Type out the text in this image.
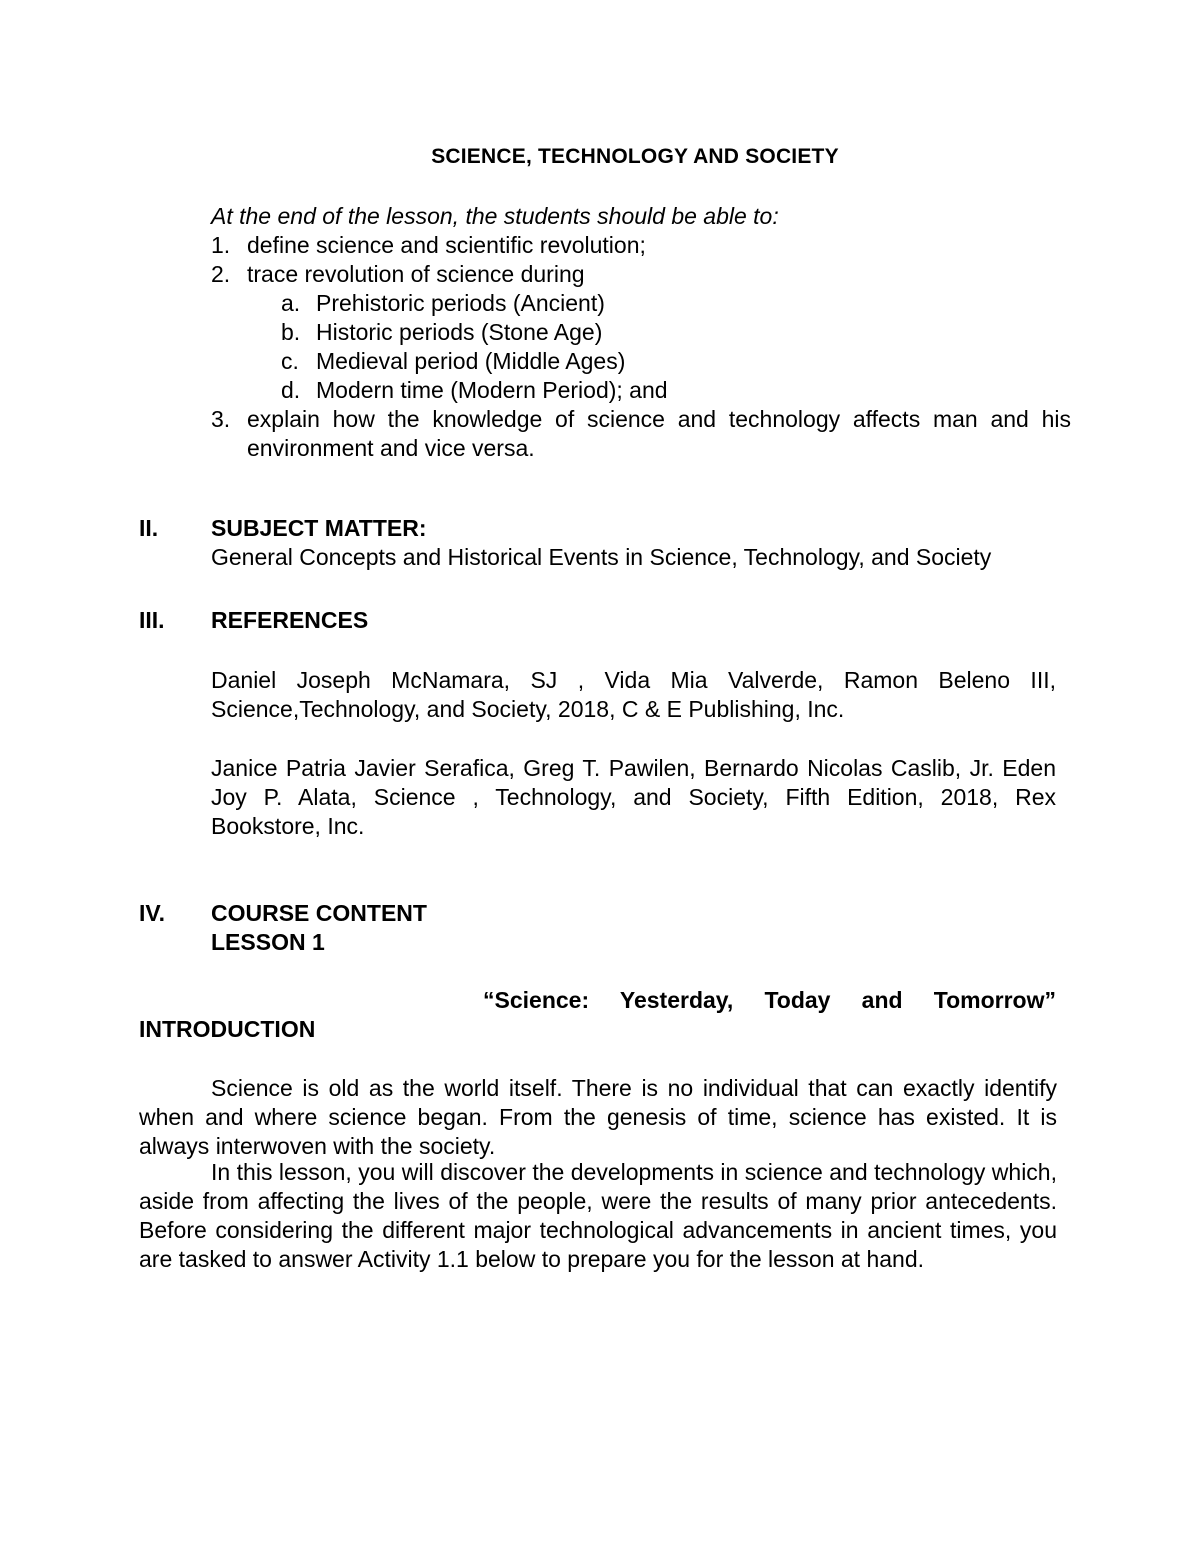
SCIENCE, TECHNOLOGY AND SOCIETY
At the end of the lesson, the students should be able to:
1. define science and scientific revolution;
2. trace revolution of science during
a. Prehistoric periods (Ancient)
b. Historic periods (Stone Age)
c. Medieval period (Middle Ages)
d. Modern time (Modern Period); and
3. explain how the knowledge of science and technology affects man and his environment and vice versa.
II. SUBJECT MATTER:
General Concepts and Historical Events in Science, Technology, and Society
III. REFERENCES
Daniel Joseph McNamara, SJ , Vida Mia Valverde, Ramon Beleno III, Science,Technology, and Society, 2018, C & E Publishing, Inc.
Janice Patria Javier Serafica, Greg T. Pawilen, Bernardo Nicolas Caslib, Jr. Eden Joy P. Alata, Science , Technology, and Society, Fifth Edition, 2018, Rex Bookstore, Inc.
IV. COURSE CONTENT
LESSON 1
“Science: Yesterday, Today and Tomorrow”
INTRODUCTION
Science is old as the world itself. There is no individual that can exactly identify when and where science began. From the genesis of time, science has existed. It is always interwoven with the society.
In this lesson, you will discover the developments in science and technology which, aside from affecting the lives of the people, were the results of many prior antecedents. Before considering the different major technological advancements in ancient times, you are tasked to answer Activity 1.1 below to prepare you for the lesson at hand.
